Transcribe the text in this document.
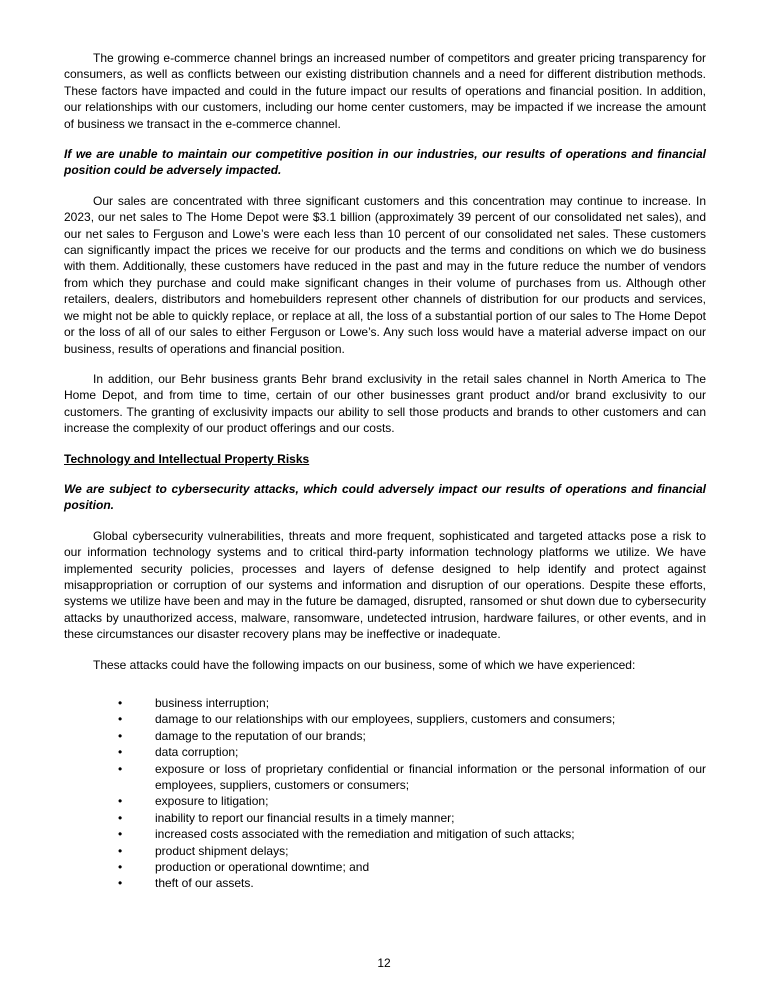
The growing e-commerce channel brings an increased number of competitors and greater pricing transparency for consumers, as well as conflicts between our existing distribution channels and a need for different distribution methods. These factors have impacted and could in the future impact our results of operations and financial position. In addition, our relationships with our customers, including our home center customers, may be impacted if we increase the amount of business we transact in the e-commerce channel.

If we are unable to maintain our competitive position in our industries, our results of operations and financial position could be adversely impacted.

Our sales are concentrated with three significant customers and this concentration may continue to increase. In 2023, our net sales to The Home Depot were $3.1 billion (approximately 39 percent of our consolidated net sales), and our net sales to Ferguson and Lowe’s were each less than 10 percent of our consolidated net sales. These customers can significantly impact the prices we receive for our products and the terms and conditions on which we do business with them. Additionally, these customers have reduced in the past and may in the future reduce the number of vendors from which they purchase and could make significant changes in their volume of purchases from us. Although other retailers, dealers, distributors and homebuilders represent other channels of distribution for our products and services, we might not be able to quickly replace, or replace at all, the loss of a substantial portion of our sales to The Home Depot or the loss of all of our sales to either Ferguson or Lowe’s. Any such loss would have a material adverse impact on our business, results of operations and financial position.

In addition, our Behr business grants Behr brand exclusivity in the retail sales channel in North America to The Home Depot, and from time to time, certain of our other businesses grant product and/or brand exclusivity to our customers. The granting of exclusivity impacts our ability to sell those products and brands to other customers and can increase the complexity of our product offerings and our costs.

Technology and Intellectual Property Risks

We are subject to cybersecurity attacks, which could adversely impact our results of operations and financial position.

Global cybersecurity vulnerabilities, threats and more frequent, sophisticated and targeted attacks pose a risk to our information technology systems and to critical third-party information technology platforms we utilize. We have implemented security policies, processes and layers of defense designed to help identify and protect against misappropriation or corruption of our systems and information and disruption of our operations. Despite these efforts, systems we utilize have been and may in the future be damaged, disrupted, ransomed or shut down due to cybersecurity attacks by unauthorized access, malware, ransomware, undetected intrusion, hardware failures, or other events, and in these circumstances our disaster recovery plans may be ineffective or inadequate.

These attacks could have the following impacts on our business, some of which we have experienced:

•	business interruption;
•	damage to our relationships with our employees, suppliers, customers and consumers;
•	damage to the reputation of our brands;
•	data corruption;
•	exposure or loss of proprietary confidential or financial information or the personal information of our employees, suppliers, customers or consumers;
•	exposure to litigation;
•	inability to report our financial results in a timely manner;
•	increased costs associated with the remediation and mitigation of such attacks;
•	product shipment delays;
•	production or operational downtime; and
•	theft of our assets.
12
